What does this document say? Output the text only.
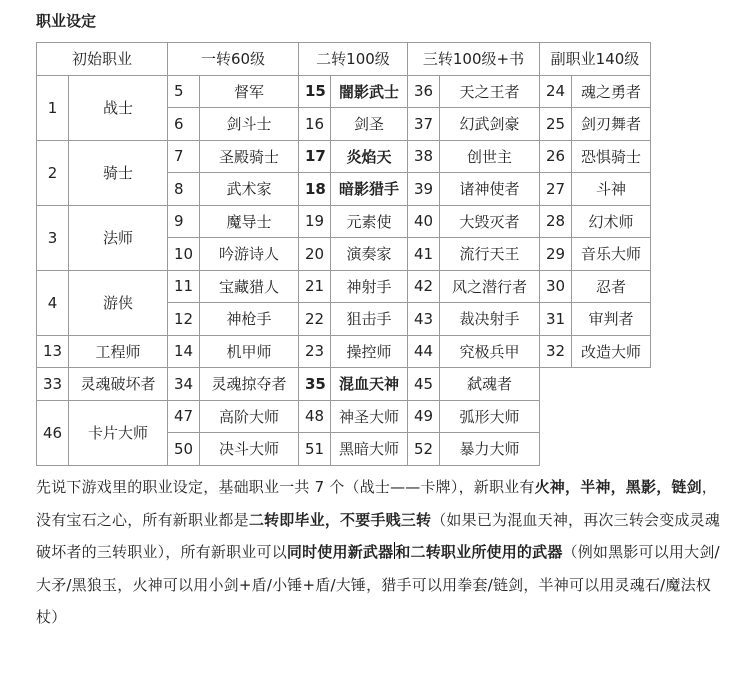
职业设定
初始职业		一转60级		二转100级		三转100级+书		副职业140级	
1	战士	5	督军	15	闇影武士	36	天之王者	24	魂之勇者
		6	剑斗士	16	剑圣	37	幻武剑豪	25	剑刃舞者
2	骑士	7	圣殿骑士	17	炎焰天	38	创世主	26	恐惧骑士
		8	武术家	18	暗影猎手	39	诸神使者	27	斗神
3	法师	9	魔导士	19	元素使	40	大毁灭者	28	幻术师
		10	吟游诗人	20	演奏家	41	流行天王	29	音乐大师
4	游侠	11	宝藏猎人	21	神射手	42	风之潜行者	30	忍者
		12	神枪手	22	狙击手	43	裁决射手	31	审判者
13	工程师	14	机甲师	23	操控师	44	究极兵甲	32	改造大师
33	灵魂破坏者	34	灵魂掠夺者	35	混血天神	45	弑魂者		
46	卡片大师	47	高阶大师	48	神圣大师	49	弧形大师		
		50	决斗大师	51	黑暗大师	52	暴力大师		
先说下游戏里的职业设定，基础职业一共 7 个（战士——卡牌），新职业有火神，半神，黑影，链剑，没有宝石之心，所有新职业都是二转即毕业，不要手贱三转（如果已为混血天神，再次三转会变成灵魂破坏者的三转职业），所有新职业可以同时使用新武器 和二转职业所使用的武器（例如黑影可以用大剑/大矛/黑狼玉，火神可以用小剑+盾/小锤+盾/大锤，猎手可以用拳套/链剑，半神可以用灵魂石/魔法权杖）
